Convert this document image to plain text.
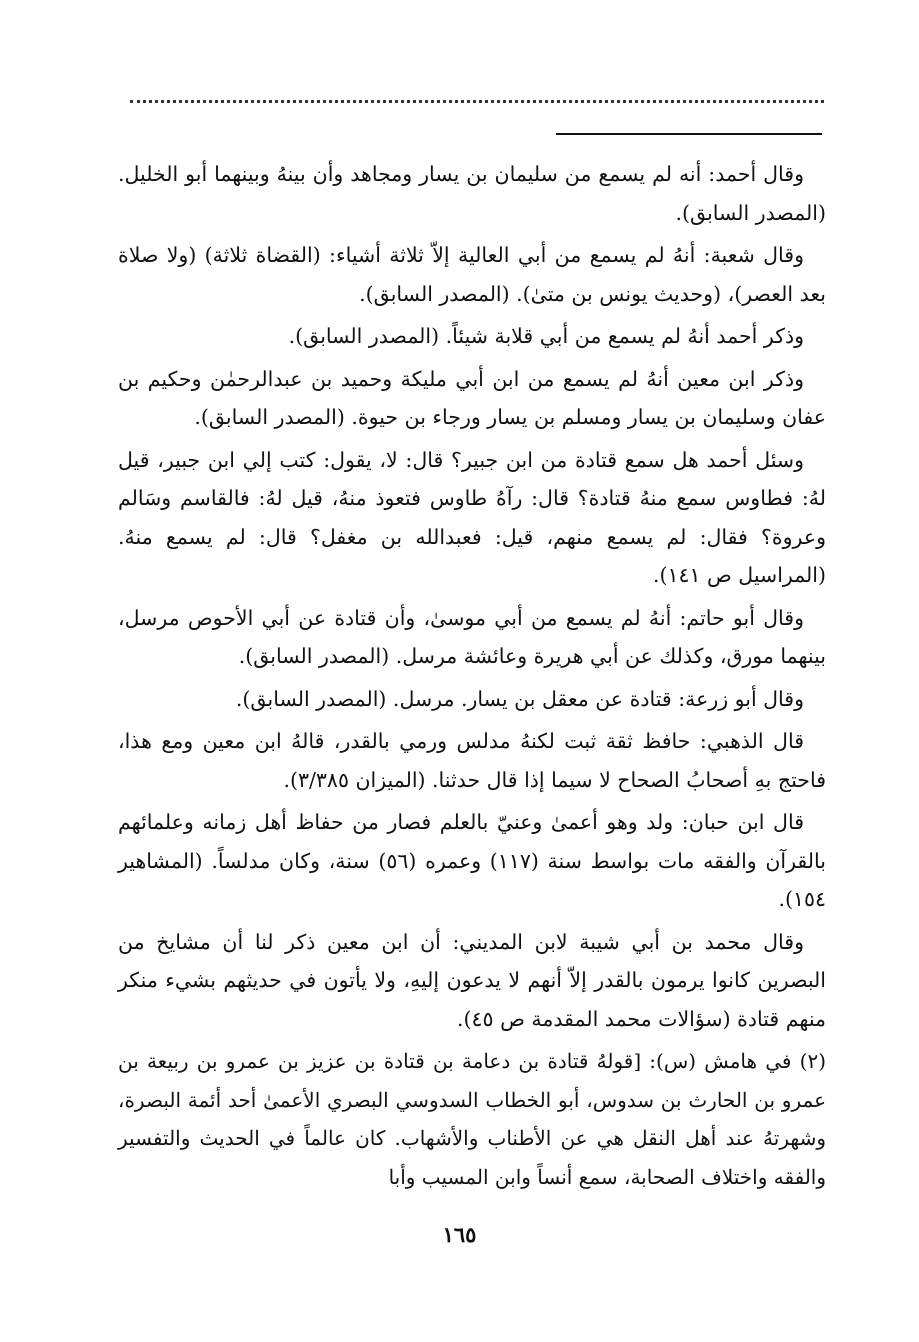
وقال أحمد: أنه لم يسمع من سليمان بن يسار ومجاهد وأن بينهُ وبينهما أبو الخليل. (المصدر السابق).

وقال شعبة: أنهُ لم يسمع من أبي العالية إلاّ ثلاثة أشياء: (القضاة ثلاثة) (ولا صلاة بعد العصر)، (وحديث يونس بن متىٰ). (المصدر السابق).

وذكر أحمد أنهُ لم يسمع من أبي قلابة شيئاً. (المصدر السابق).

وذكر ابن معين أنهُ لم يسمع من ابن أبي مليكة وحميد بن عبدالرحمٰن وحكيم بن عفان وسليمان بن يسار ومسلم بن يسار ورجاء بن حيوة. (المصدر السابق).

وسئل أحمد هل سمع قتادة من ابن جبير؟ قال: لا، يقول: كتب إلي ابن جبير، قيل لهُ: فطاوس سمع منهُ قتادة؟ قال: رآهُ طاوس فتعوذ منهُ، قيل لهُ: فالقاسم وسَالم وعروة؟ فقال: لم يسمع منهم، قيل: فعبدالله بن مغفل؟ قال: لم يسمع منهُ. (المراسيل ص ١٤١).

وقال أبو حاتم: أنهُ لم يسمع من أبي موسىٰ، وأن قتادة عن أبي الأحوص مرسل، بينهما مورق، وكذلك عن أبي هريرة وعائشة مرسل. (المصدر السابق).

وقال أبو زرعة: قتادة عن معقل بن يسار. مرسل. (المصدر السابق).

قال الذهبي: حافظ ثقة ثبت لكنهُ مدلس ورمي بالقدر، قالهُ ابن معين ومع هذا، فاحتج بهِ أصحابُ الصحاح لا سيما إذا قال حدثنا. (الميزان ٣/٣٨٥).

قال ابن حبان: ولد وهو أعمىٰ وعنيّ بالعلم فصار من حفاظ أهل زمانه وعلمائهم بالقرآن والفقه مات بواسط سنة (١١٧) وعمره (٥٦) سنة، وكان مدلساً. (المشاهير ١٥٤).

وقال محمد بن أبي شيبة لابن المديني: أن ابن معين ذكر لنا أن مشايخ من البصرين كانوا يرمون بالقدر إلاّ أنهم لا يدعون إليهِ، ولا يأتون في حديثهم بشيء منكر منهم قتادة (سؤالات محمد المقدمة ص ٤٥).

(٢) في هامش (س): [قولهُ قتادة بن دعامة بن قتادة بن عزيز بن عمرو بن ربيعة بن عمرو بن الحارث بن سدوس، أبو الخطاب السدوسي البصري الأعمىٰ أحد أئمة البصرة، وشهرتهُ عند أهل النقل هي عن الأطناب والأشهاب. كان عالماً في الحديث والتفسير والفقه واختلاف الصحابة، سمع أنساً وابن المسيب وأبا

١٦٥
